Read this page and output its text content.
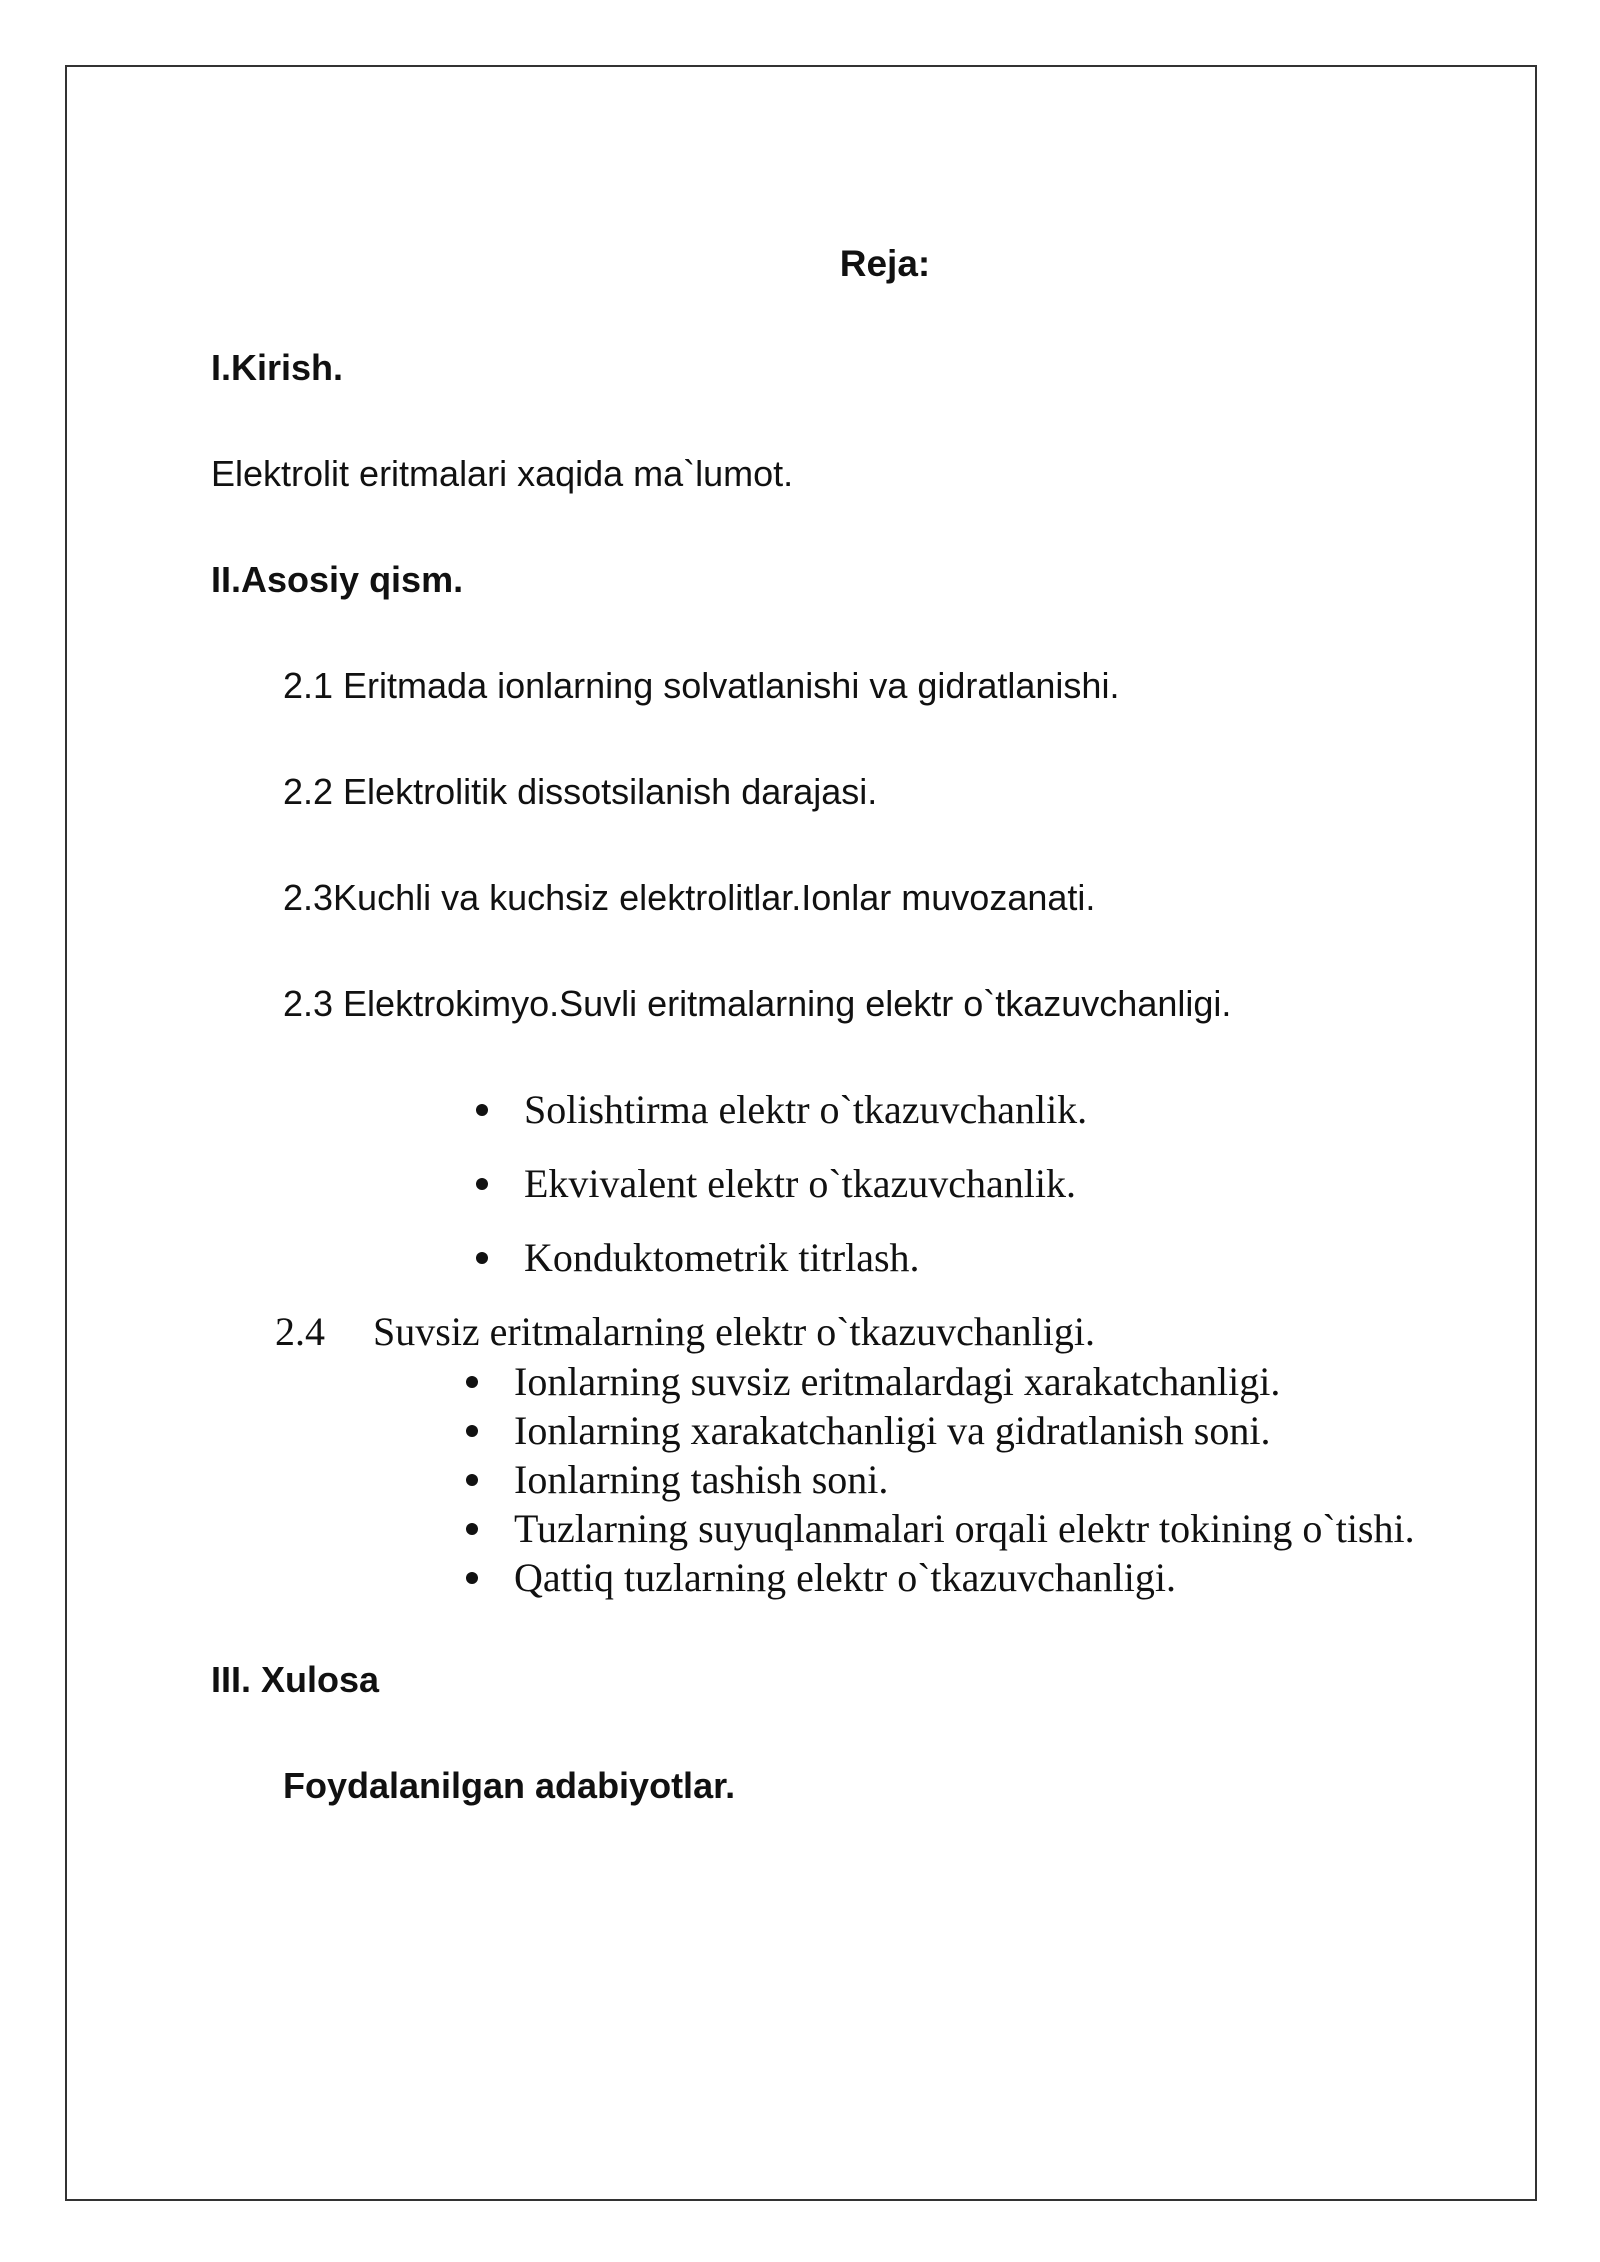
Reja:
I.Kirish.
Elektrolit eritmalari xaqida ma`lumot.
II.Asosiy qism.
2.1 Eritmada ionlarning solvatlanishi va gidratlanishi.
2.2 Elektrolitik dissotsilanish darajasi.
2.3Kuchli va kuchsiz elektrolitlar.Ionlar muvozanati.
2.3 Elektrokimyo.Suvli eritmalarning elektr o`tkazuvchanligi.
Solishtirma elektr o`tkazuvchanlik.
Ekvivalent elektr o`tkazuvchanlik.
Konduktometrik titrlash.
2.4 Suvsiz eritmalarning elektr o`tkazuvchanligi.
Ionlarning suvsiz eritmalardagi xarakatchanligi.
Ionlarning xarakatchanligi va gidratlanish soni.
Ionlarning tashish soni.
Tuzlarning suyuqlanmalari orqali elektr tokining o`tishi.
Qattiq tuzlarning elektr o`tkazuvchanligi.
III. Xulosa
Foydalanilgan adabiyotlar.
